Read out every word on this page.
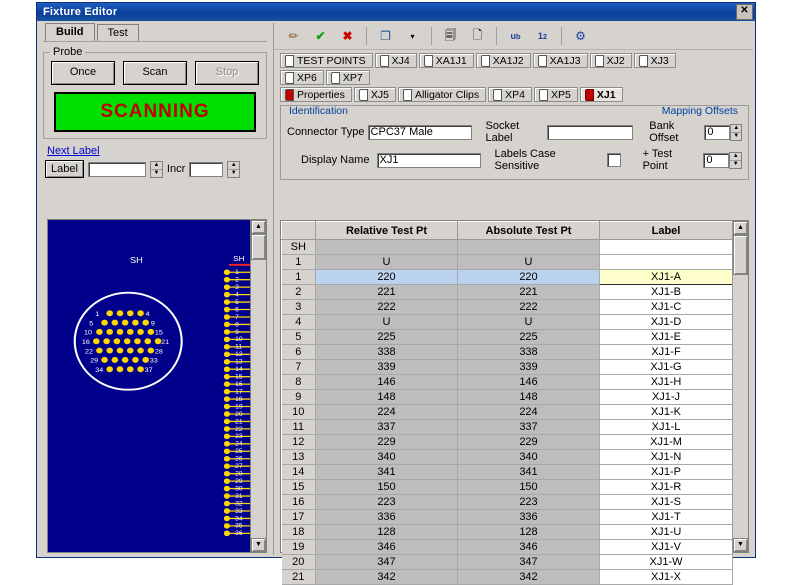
Fixture Editor	✕
Build	Test
Probe
Once	Scan	Stop
SCANNING
Next Label
Label	▲
▼ Incr	▲
▼
SH
1	4
5	9
10	15
16	21
22	28
29	33
34	37
SH
1
2
3
4
5
6
7
8
9
10
11
12
13
14
15
16
17
18
19
20
21
22
23
24
25
26
27
28
29
30
31
32
33
34
35
36
▲
▼
✏	✔	✖	❐	▾	🗐	🗋	u b	1 2	⚙
TEST POINTS XJ4 XA1J1 XA1J2 XA1J3 XJ2 XJ3
XP6 XP7
Properties XJ5 Alligator Clips XP4 XP5 XJ1
Identification	Mapping Offsets
Connector Type
CPC37 Male	Socket Label
Bank Offset
0
▲
▼
Display Name
XJ1	Labels Case Sensitive
+ Test Point
0
▲
▼
	Relative Test Pt	Absolute Test Pt	Label
SH			
1	U	U	
1	220	220	XJ1-A
2	221	221	XJ1-B
3	222	222	XJ1-C
4	U	U	XJ1-D
5	225	225	XJ1-E
6	338	338	XJ1-F
7	339	339	XJ1-G
8	146	146	XJ1-H
9	148	148	XJ1-J
10	224	224	XJ1-K
11	337	337	XJ1-L
12	229	229	XJ1-M
13	340	340	XJ1-N
14	341	341	XJ1-P
15	150	150	XJ1-R
16	223	223	XJ1-S
17	336	336	XJ1-T
18	128	128	XJ1-U
19	346	346	XJ1-V
20	347	347	XJ1-W
21	342	342	XJ1-X
▲
▼
